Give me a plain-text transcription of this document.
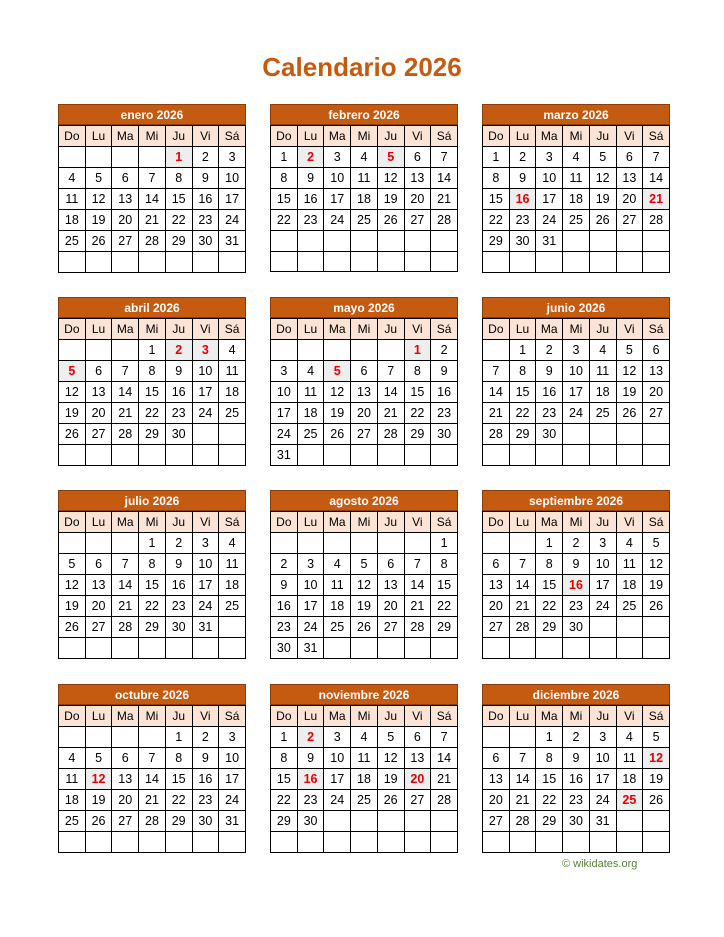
Calendario 2026
enero 2026
Do	Lu	Ma	Mi	Ju	Vi	Sá
				1	2	3
4	5	6	7	8	9	10
11	12	13	14	15	16	17
18	19	20	21	22	23	24
25	26	27	28	29	30	31

febrero 2026
Do	Lu	Ma	Mi	Ju	Vi	Sá
1	2	3	4	5	6	7
8	9	10	11	12	13	14
15	16	17	18	19	20	21
22	23	24	25	26	27	28

marzo 2026
Do	Lu	Ma	Mi	Ju	Vi	Sá
1	2	3	4	5	6	7
8	9	10	11	12	13	14
15	16	17	18	19	20	21
22	23	24	25	26	27	28
29	30	31				

abril 2026
Do	Lu	Ma	Mi	Ju	Vi	Sá
			1	2	3	4
5	6	7	8	9	10	11
12	13	14	15	16	17	18
19	20	21	22	23	24	25
26	27	28	29	30		

mayo 2026
Do	Lu	Ma	Mi	Ju	Vi	Sá
					1	2
3	4	5	6	7	8	9
10	11	12	13	14	15	16
17	18	19	20	21	22	23
24	25	26	27	28	29	30
31						
junio 2026
Do	Lu	Ma	Mi	Ju	Vi	Sá
	1	2	3	4	5	6
7	8	9	10	11	12	13
14	15	16	17	18	19	20
21	22	23	24	25	26	27
28	29	30				

julio 2026
Do	Lu	Ma	Mi	Ju	Vi	Sá
			1	2	3	4
5	6	7	8	9	10	11
12	13	14	15	16	17	18
19	20	21	22	23	24	25
26	27	28	29	30	31	

agosto 2026
Do	Lu	Ma	Mi	Ju	Vi	Sá
						1
2	3	4	5	6	7	8
9	10	11	12	13	14	15
16	17	18	19	20	21	22
23	24	25	26	27	28	29
30	31					
septiembre 2026
Do	Lu	Ma	Mi	Ju	Vi	Sá
		1	2	3	4	5
6	7	8	9	10	11	12
13	14	15	16	17	18	19
20	21	22	23	24	25	26
27	28	29	30			

octubre 2026
Do	Lu	Ma	Mi	Ju	Vi	Sá
				1	2	3
4	5	6	7	8	9	10
11	12	13	14	15	16	17
18	19	20	21	22	23	24
25	26	27	28	29	30	31

noviembre 2026
Do	Lu	Ma	Mi	Ju	Vi	Sá
1	2	3	4	5	6	7
8	9	10	11	12	13	14
15	16	17	18	19	20	21
22	23	24	25	26	27	28
29	30					

diciembre 2026
Do	Lu	Ma	Mi	Ju	Vi	Sá
		1	2	3	4	5
6	7	8	9	10	11	12
13	14	15	16	17	18	19
20	21	22	23	24	25	26
27	28	29	30	31		

© wikidates.org
